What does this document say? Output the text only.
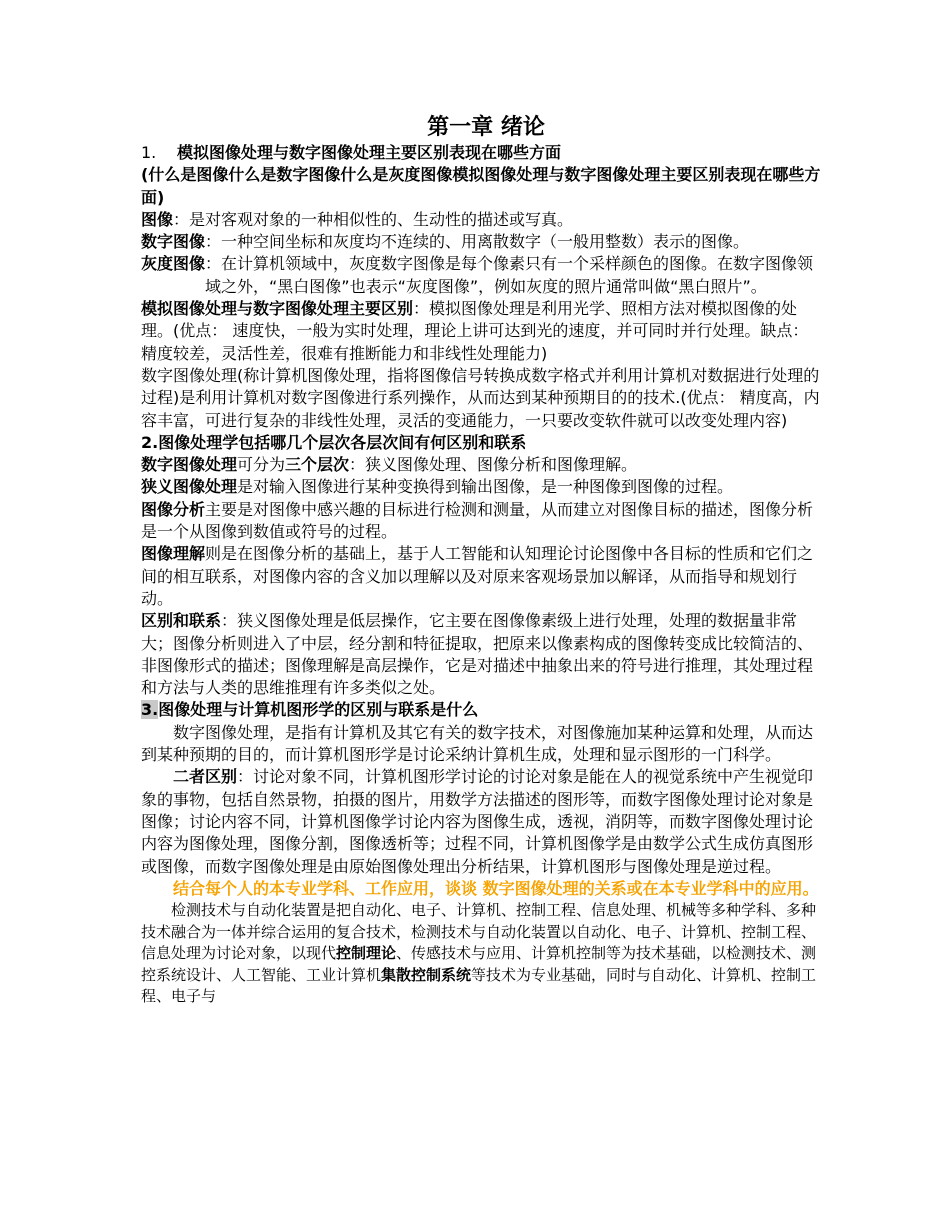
第一章 绪论

1. 模拟图像处理与数字图像处理主要区别表现在哪些方面

(什么是图像什么是数字图像什么是灰度图像模拟图像处理与数字图像处理主要区别表现在哪些方面)

图像：是对客观对象的一种相似性的、生动性的描述或写真。

数字图像 ：一种空间坐标和灰度均不连续的、用离散数字（一般用整数）表示的图像。
灰度图像 ：在计算机领域中，灰度数字图像是每个像素只有一个采样颜色的图像。在数字图像领域之外，“黑白图像”也表示“灰度图像”，例如灰度的照片通常叫做“黑白照片”。

模拟图像处理与数字图像处理主要区别：模拟图像处理是利用光学、照相方法对模拟图像的处理。(优点： 速度快，一般为实时处理，理论上讲可达到光的速度，并可同时并行处理。缺点：精度较差，灵活性差，很难有推断能力和非线性处理能力)

数字图像处理(称计算机图像处理，指将图像信号转换成数字格式并利用计算机对数据进行处理的过程)是利用计算机对数字图像进行系列操作，从而达到某种预期目的的技术.(优点： 精度高，内容丰富，可进行复杂的非线性处理，灵活的变通能力，一只要改变软件就可以改变处理内容)

2.图像处理学包括哪几个层次各层次间有何区别和联系

数字图像处理可分为三个层次：狭义图像处理、图像分析和图像理解。

狭义图像处理是对输入图像进行某种变换得到输出图像，是一种图像到图像的过程。

图像分析主要是对图像中感兴趣的目标进行检测和测量，从而建立对图像目标的描述，图像分析是一个从图像到数值或符号的过程。

图像理解则是在图像分析的基础上，基于人工智能和认知理论讨论图像中各目标的性质和它们之间的相互联系，对图像内容的含义加以理解以及对原来客观场景加以解译，从而指导和规划行动。

区别和联系：狭义图像处理是低层操作，它主要在图像像素级上进行处理，处理的数据量非常大；图像分析则进入了中层，经分割和特征提取，把原来以像素构成的图像转变成比较简洁的、非图像形式的描述；图像理解是高层操作，它是对描述中抽象出来的符号进行推理，其处理过程和方法与人类的思维推理有许多类似之处。

3.图像处理与计算机图形学的区别与联系是什么

数字图像处理，是指有计算机及其它有关的数字技术，对图像施加某种运算和处理，从而达到某种预期的目的，而计算机图形学是讨论采纳计算机生成，处理和显示图形的一门科学。

二者区别：讨论对象不同，计算机图形学讨论的讨论对象是能在人的视觉系统中产生视觉印象的事物，包括自然景物，拍摄的图片，用数学方法描述的图形等，而数字图像处理讨论对象是图像；讨论内容不同，计算机图像学讨论内容为图像生成，透视，消阴等，而数字图像处理讨论内容为图像处理，图像分割，图像透析等；过程不同，计算机图像学是由数学公式生成仿真图形或图像，而数字图像处理是由原始图像处理出分析结果，计算机图形与图像处理是逆过程。

结合每个人的本专业学科、工作应用，谈谈 数字图像处理的关系或在本专业学科中的应用。

检测技术与自动化装置是把自动化、电子、计算机、控制工程、信息处理、机械等多种学科、多种技术融合为一体并综合运用的复合技术，检测技术与自动化装置以自动化、电子、计算机、控制工程、信息处理为讨论对象，以现代控制理论、传感技术与应用、计算机控制等为技术基础，以检测技术、测控系统设计、人工智能、工业计算机集散控制系统等技术为专业基础，同时与自动化、计算机、控制工程、电子与
